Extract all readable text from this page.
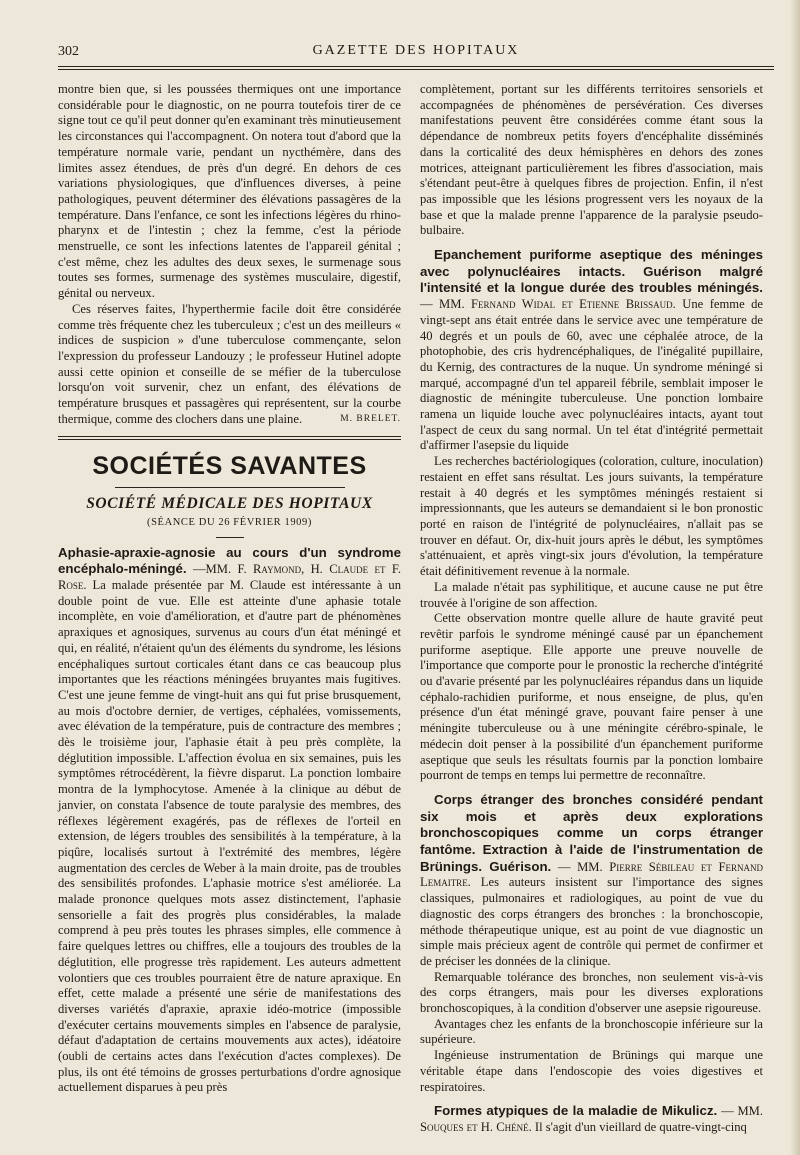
302	GAZETTE DES HOPITAUX

montre bien que, si les poussées thermiques ont une importance considérable pour le diagnostic, on ne pourra toutefois tirer de ce signe tout ce qu'il peut donner qu'en examinant très minutieusement les circonstances qui l'accompagnent. On notera tout d'abord que la température normale varie, pendant un nycthémère, dans des limites assez étendues, de près d'un degré. En dehors de ces variations physiologiques, que d'influences diverses, à peine pathologiques, peuvent déterminer des élévations passagères de la température. Dans l'enfance, ce sont les infections légères du rhino-pharynx et de l'intestin ; chez la femme, c'est la période menstruelle, ce sont les infections latentes de l'appareil génital ; c'est même, chez les adultes des deux sexes, le surmenage sous toutes ses formes, surmenage des systèmes musculaire, digestif, génital ou nerveux.

Ces réserves faites, l'hyperthermie facile doit être considérée comme très fréquente chez les tuberculeux ; c'est un des meilleurs « indices de suspicion » d'une tuberculose commençante, selon l'expression du professeur Landouzy ; le professeur Hutinel adopte aussi cette opinion et conseille de se méfier de la tuberculose lorsqu'on voit survenir, chez un enfant, des élévations de température brusques et passagères qui représentent, sur la courbe thermique, comme des clochers dans une plaine.	M. BRELET.
SOCIÉTÉS SAVANTES
SOCIÉTÉ MÉDICALE DES HOPITAUX
(SÉANCE DU 26 FÉVRIER 1909)

Aphasie-apraxie-agnosie au cours d'un syndrome encéphalo-méningé. —MM. F. Raymond, H. Claude et F. Rose. La malade présentée par M. Claude est intéressante à un double point de vue. Elle est atteinte d'une aphasie totale incomplète, en voie d'amélioration, et d'autre part de phénomènes apraxiques et agnosiques, survenus au cours d'un état méningé et qui, en réalité, n'étaient qu'un des éléments du syndrome, les lésions encéphaliques surtout corticales étant dans ce cas beaucoup plus importantes que les réactions méningées bruyantes mais fugitives. C'est une jeune femme de vingt-huit ans qui fut prise brusquement, au mois d'octobre dernier, de vertiges, céphalées, vomissements, avec élévation de la température, puis de contracture des membres ; dès le troisième jour, l'aphasie était à peu près complète, la déglutition impossible. L'affection évolua en six semaines, puis les symptômes rétrocédèrent, la fièvre disparut. La ponction lombaire montra de la lymphocytose. Amenée à la clinique au début de janvier, on constata l'absence de toute paralysie des membres, des réflexes légèrement exagérés, pas de réflexes de l'orteil en extension, de légers troubles des sensibilités à la température, à la piqûre, localisés surtout à l'extrémité des membres, légère augmentation des cercles de Weber à la main droite, pas de troubles des sensibilités profondes. L'aphasie motrice s'est améliorée. La malade prononce quelques mots assez distinctement, l'aphasie sensorielle a fait des progrès plus considérables, la malade comprend à peu près toutes les phrases simples, elle commence à faire quelques lettres ou chiffres, elle a toujours des troubles de la déglutition, elle progresse très rapidement. Les auteurs admettent volontiers que ces troubles pourraient être de nature apraxique. En effet, cette malade a présenté une série de manifestations des diverses variétés d'apraxie, apraxie idéo-motrice (impossible d'exécuter certains mouvements simples en l'absence de paralysie, défaut d'adaptation de certains mouvements aux actes), idéatoire (oubli de certains actes dans l'exécution d'actes complexes). De plus, ils ont été témoins de grosses perturbations d'ordre agnosique actuellement disparues à peu près

complètement, portant sur les différents territoires sensoriels et accompagnées de phénomènes de persévération. Ces diverses manifestations peuvent être considérées comme étant sous la dépendance de nombreux petits foyers d'encéphalite disséminés dans la corticalité des deux hémisphères en dehors des zones motrices, atteignant particulièrement les fibres d'association, mais s'étendant peut-être à quelques fibres de projection. Enfin, il n'est pas impossible que les lésions progressent vers les noyaux de la base et que la malade prenne l'apparence de la paralysie pseudo-bulbaire.

Epanchement puriforme aseptique des méninges avec polynucléaires intacts. Guérison malgré l'intensité et la longue durée des troubles méningés. — MM. Fernand Widal et Etienne Brissaud. Une femme de vingt-sept ans était entrée dans le service avec une température de 40 degrés et un pouls de 60, avec une céphalée atroce, de la photophobie, des cris hydrencéphaliques, de l'inégalité pupillaire, du Kernig, des contractures de la nuque. Un syndrome méningé si marqué, accompagné d'un tel appareil fébrile, semblait imposer le diagnostic de méningite tuberculeuse. Une ponction lombaire ramena un liquide louche avec polynucléaires intacts, ayant tout l'aspect de ceux du sang normal. Un tel état d'intégrité permettait d'affirmer l'asepsie du liquide

Les recherches bactériologiques (coloration, culture, inoculation) restaient en effet sans résultat. Les jours suivants, la température restait à 40 degrés et les symptômes méningés restaient si impressionnants, que les auteurs se demandaient si le bon pronostic porté en raison de l'intégrité de polynucléaires, n'allait pas se trouver en défaut. Or, dix-huit jours après le début, les symptômes s'atténuaient, et après vingt-six jours d'évolution, la température était définitivement revenue à la normale.

La malade n'était pas syphilitique, et aucune cause ne put être trouvée à l'origine de son affection.

Cette observation montre quelle allure de haute gravité peut revêtir parfois le syndrome méningé causé par un épanchement puriforme aseptique. Elle apporte une preuve nouvelle de l'importance que comporte pour le pronostic la recherche d'intégrité ou d'avarie présenté par les polynucléaires répandus dans un liquide céphalo-rachidien puriforme, et nous enseigne, de plus, qu'en présence d'un état méningé grave, pouvant faire penser à une méningite tuberculeuse ou à une méningite cérébro-spinale, le médecin doit penser à la possibilité d'un épanchement puriforme aseptique que seuls les résultats fournis par la ponction lombaire pourront de temps en temps lui permettre de reconnaître.

Corps étranger des bronches considéré pendant six mois et après deux explorations bronchoscopiques comme un corps étranger fantôme. Extraction à l'aide de l'instrumentation de Brünings. Guérison. — MM. Pierre Sébileau et Fernand Lemaitre. Les auteurs insistent sur l'importance des signes classiques, pulmonaires et radiologiques, au point de vue du diagnostic des corps étrangers des bronches : la bronchoscopie, méthode thérapeutique unique, est au point de vue diagnostic un simple mais précieux agent de contrôle qui permet de confirmer et de préciser les données de la clinique.

Remarquable tolérance des bronches, non seulement vis-à-vis des corps étrangers, mais pour les diverses explorations bronchoscopiques, à la condition d'observer une asepsie rigoureuse.

Avantages chez les enfants de la bronchoscopie inférieure sur la supérieure.

Ingénieuse instrumentation de Brünings qui marque une véritable étape dans l'endoscopie des voies digestives et respiratoires.

Formes atypiques de la maladie de Mikulicz. — MM. Souques et H. Chéné. Il s'agit d'un vieillard de quatre-vingt-cinq
